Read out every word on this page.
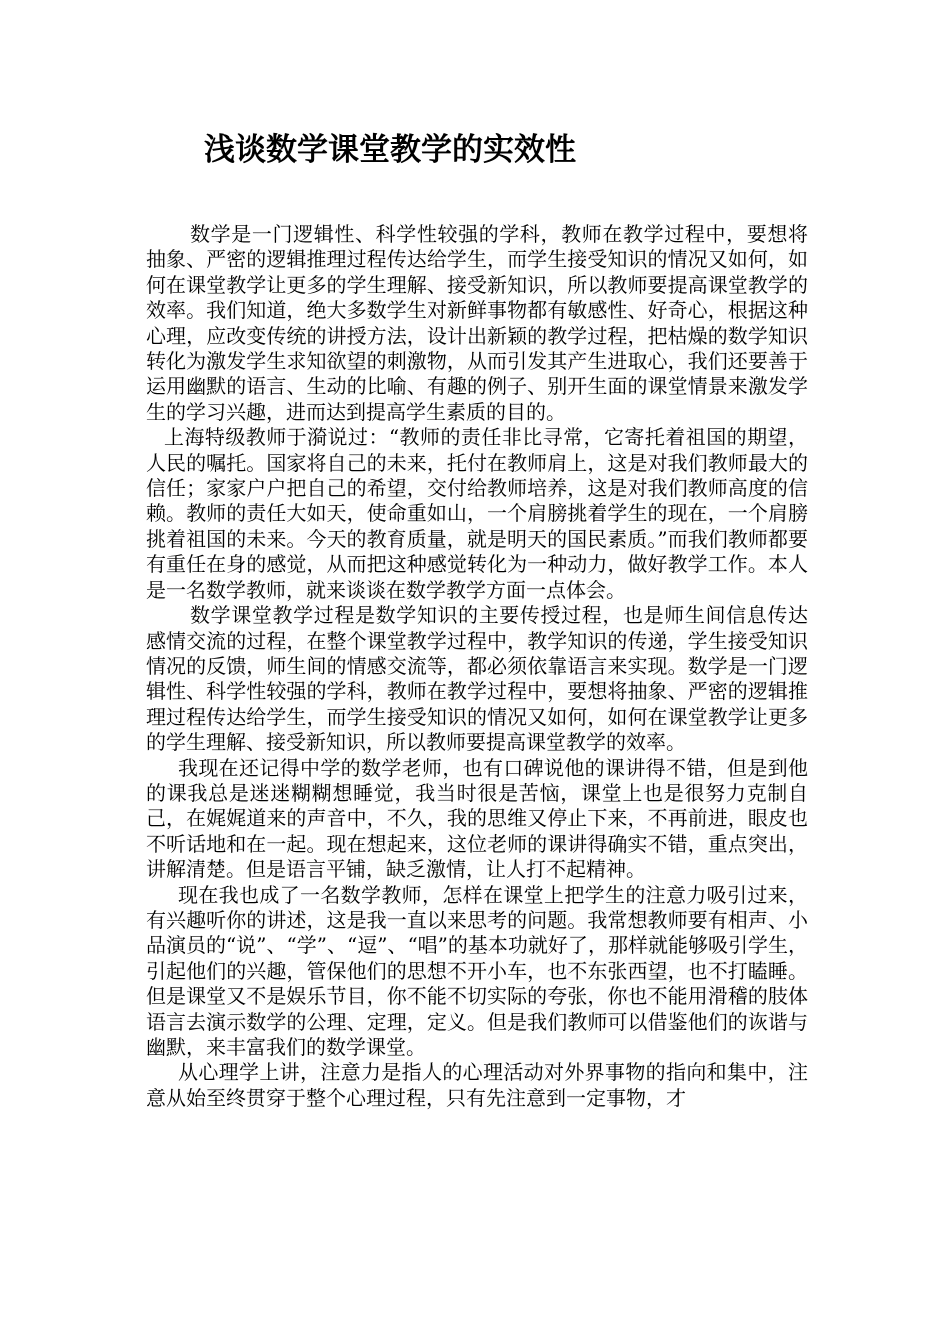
浅谈数学课堂教学的实效性

数学是一门逻辑性、科学性较强的学科，教师在教学过程中，要想将抽象、严密的逻辑推理过程传达给学生，而学生接受知识的情况又如何，如何在课堂教学让更多的学生理解、接受新知识，所以教师要提高课堂教学的效率。我们知道，绝大多数学生对新鲜事物都有敏感性、好奇心，根据这种心理，应改变传统的讲授方法，设计出新颖的教学过程，把枯燥的数学知识转化为激发学生求知欲望的刺激物，从而引发其产生进取心，我们还要善于运用幽默的语言、生动的比喻、有趣的例子、别开生面的课堂情景来激发学生的学习兴趣，进而达到提高学生素质的目的。

上海特级教师于漪说过：“教师的责任非比寻常，它寄托着祖国的期望，人民的嘱托。国家将自己的未来，托付在教师肩上，这是对我们教师最大的信任；家家户户把自己的希望，交付给教师培养，这是对我们教师高度的信赖。教师的责任大如天，使命重如山，一个肩膀挑着学生的现在，一个肩膀挑着祖国的未来。今天的教育质量，就是明天的国民素质。”而我们教师都要有重任在身的感觉，从而把这种感觉转化为一种动力，做好教学工作。本人是一名数学教师，就来谈谈在数学教学方面一点体会。

数学课堂教学过程是数学知识的主要传授过程，也是师生间信息传达感情交流的过程，在整个课堂教学过程中，教学知识的传递，学生接受知识情况的反馈，师生间的情感交流等，都必须依靠语言来实现。数学是一门逻辑性、科学性较强的学科，教师在教学过程中，要想将抽象、严密的逻辑推理过程传达给学生，而学生接受知识的情况又如何，如何在课堂教学让更多的学生理解、接受新知识，所以教师要提高课堂教学的效率。

我现在还记得中学的数学老师，也有口碑说他的课讲得不错，但是到他的课我总是迷迷糊糊想睡觉，我当时很是苦恼，课堂上也是很努力克制自己，在娓娓道来的声音中，不久，我的思维又停止下来，不再前进，眼皮也不听话地和在一起。现在想起来，这位老师的课讲得确实不错，重点突出，讲解清楚。但是语言平铺，缺乏激情，让人打不起精神。

现在我也成了一名数学教师，怎样在课堂上把学生的注意力吸引过来，有兴趣听你的讲述，这是我一直以来思考的问题。我常想教师要有相声、小品演员的“说”、“学”、“逗”、“唱”的基本功就好了，那样就能够吸引学生，引起他们的兴趣，管保他们的思想不开小车，也不东张西望，也不打瞌睡。但是课堂又不是娱乐节目，你不能不切实际的夸张，你也不能用滑稽的肢体语言去演示数学的公理、定理，定义。但是我们教师可以借鉴他们的诙谐与幽默，来丰富我们的数学课堂。

从心理学上讲，注意力是指人的心理活动对外界事物的指向和集中，注意从始至终贯穿于整个心理过程，只有先注意到一定事物，才
